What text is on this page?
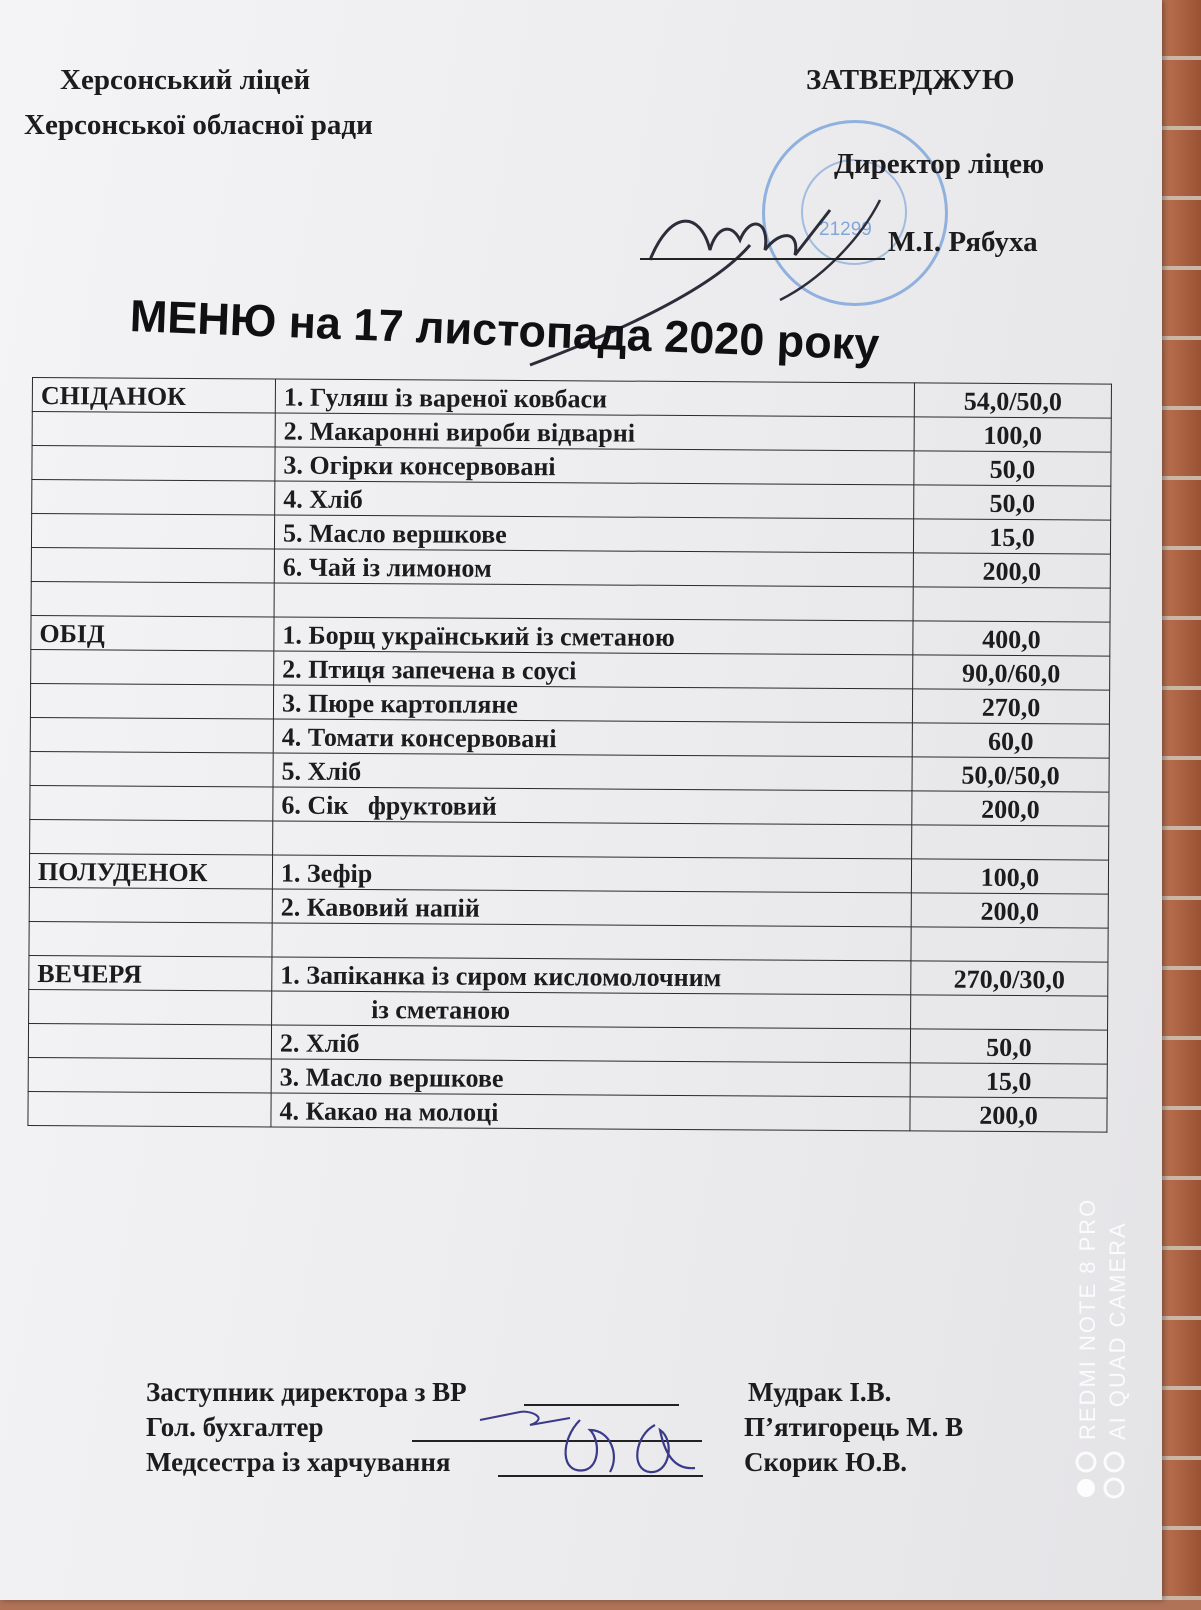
Херсонський ліцей
Херсонської обласної ради
21299
ЗАТВЕРДЖУЮ
Директор ліцею
М.І. Рябуха
МЕНЮ на 17 листопада 2020 року
СНІДАНОК	1. Гуляш із вареної ковбаси	54,0/50,0
	2. Макаронні вироби відварні	100,0
	3. Огірки консервовані	50,0
	4. Хліб	50,0
	5. Масло вершкове	15,0
	6. Чай із лимоном	200,0

ОБІД	1. Борщ український із сметаною	400,0
	2. Птиця запечена в соусі	90,0/60,0
	3. Пюре картопляне	270,0
	4. Томати консервовані	60,0
	5. Хліб	50,0/50,0
	6. Сік   фруктовий	200,0

ПОЛУДЕНОК	1. Зефір	100,0
	2. Кавовий напій	200,0

ВЕЧЕРЯ	1. Запіканка із сиром кисломолочним	270,0/30,0
	із сметаною	
	2. Хліб	50,0
	3. Масло вершкове	15,0
	4. Какао на молоці	200,0
Заступник директора з ВР	Мудрак І.В.
Гол. бухгалтер	П’ятигорець М. В
Медсестра із харчування	Скорик Ю.В.
REDMI NOTE 8 PRO AI QUAD CAMERA
